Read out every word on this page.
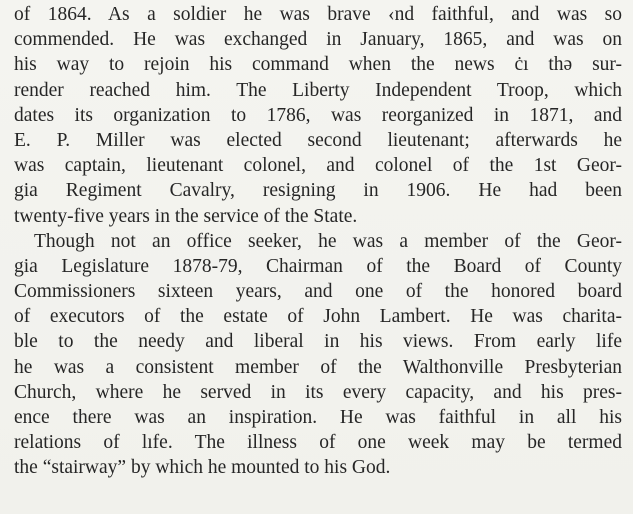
of 1864. As a soldier he was brave ‹nd faithful, and was so
commended. He was exchanged in January, 1865, and was on
his way to rejoin his command when the news ċı thə sur-
render reached him. The Liberty Independent Troop, which
dates its organization to 1786, was reorganized in 1871, and
E. P. Miller was elected second lieutenant; afterwards he
was captain, lieutenant colonel, and colonel of the 1st Geor-
gia Regiment Cavalry, resigning in 1906. He had been
twenty-five years in the service of the State.
Though not an office seeker, he was a member of the Geor-
gia Legislature 1878-79, Chairman of the Board of County
Commissioners sixteen years, and one of the honored board
of executors of the estate of John Lambert. He was charita-
ble to the needy and liberal in his views. From early life
he was a consistent member of the Walthonville Presbyterian
Church, where he served in its every capacity, and his pres-
ence there was an inspiration. He was faithful in all his
relations of lıfe. The illness of one week may be termed
the “stairway” by which he mounted to his God.
